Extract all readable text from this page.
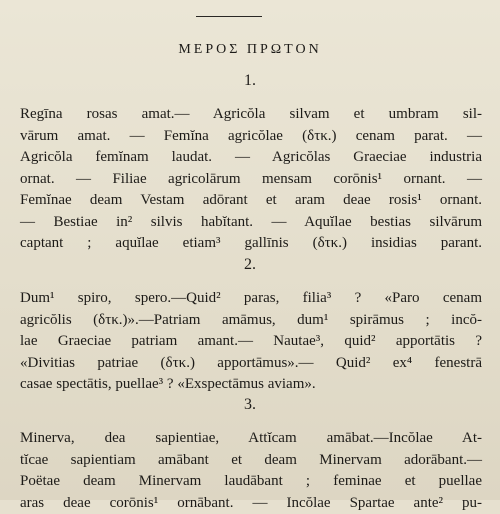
ΜΕΡΟΣ ΠΡΩΤΟΝ
1.
Regīna rosas amat.— Agricŏla silvam et umbram sil-
vārum amat. — Femĭna agricŏlae (δτκ.) cenam parat. —
Agricŏla femĭnam laudat. — Agricŏlas Graeciae industria
ornat. — Filiae agricolārum mensam corōnis¹ ornant. —
Femĭnae deam Vestam adōrant et aram deae rosis¹ ornant.
— Bestiae in² silvis habĭtant. — Aquĭlae bestias silvārum
captant ; aquĭlae etiam³ gallīnis (δτκ.) insidias parant.
2.
Dum¹ spiro, spero.—Quid² paras, filia³ ? «Paro cenam
agricŏlis (δτκ.)».—Patriam amāmus, dum¹ spirāmus ; incŏ-
lae Graeciae patriam amant.— Nautae³, quid² apportātis ?
«Divitias patriae (δτκ.) apportāmus».— Quid² ex⁴ fenestrā
casae spectātis, puellae³ ? «Exspectāmus aviam».
3.
Minerva, dea sapientiae, Attĭcam amābat.—Incŏlae At-
tĭcae sapientiam amābant et deam Minervam adorābant.—
Poëtae deam Minervam laudābant ; feminae et puellae
aras deae corōnis¹ ornābant. — Incŏlae Spartae ante² pu-
